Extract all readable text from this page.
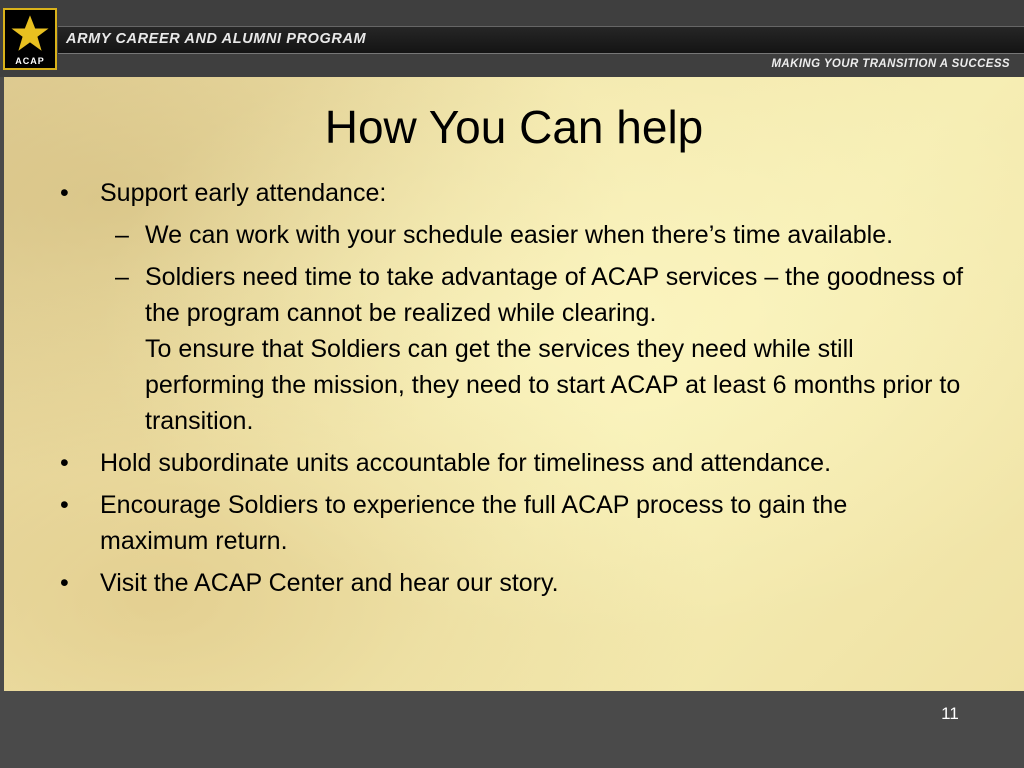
ACAP
ARMY CAREER AND ALUMNI PROGRAM
MAKING YOUR TRANSITION A SUCCESS
How You Can help
• Support early attendance:
– We can work with your schedule easier when there’s time available.
– Soldiers need time to take advantage of ACAP services – the goodness of the program cannot be realized while clearing.

To ensure that Soldiers can get the services they need while still performing the mission, they need to start ACAP at least 6 months prior to transition.

• Hold subordinate units accountable for timeliness and attendance.
• Encourage Soldiers to experience the full ACAP process to gain the maximum return.
• Visit the ACAP Center and hear our story.
11
